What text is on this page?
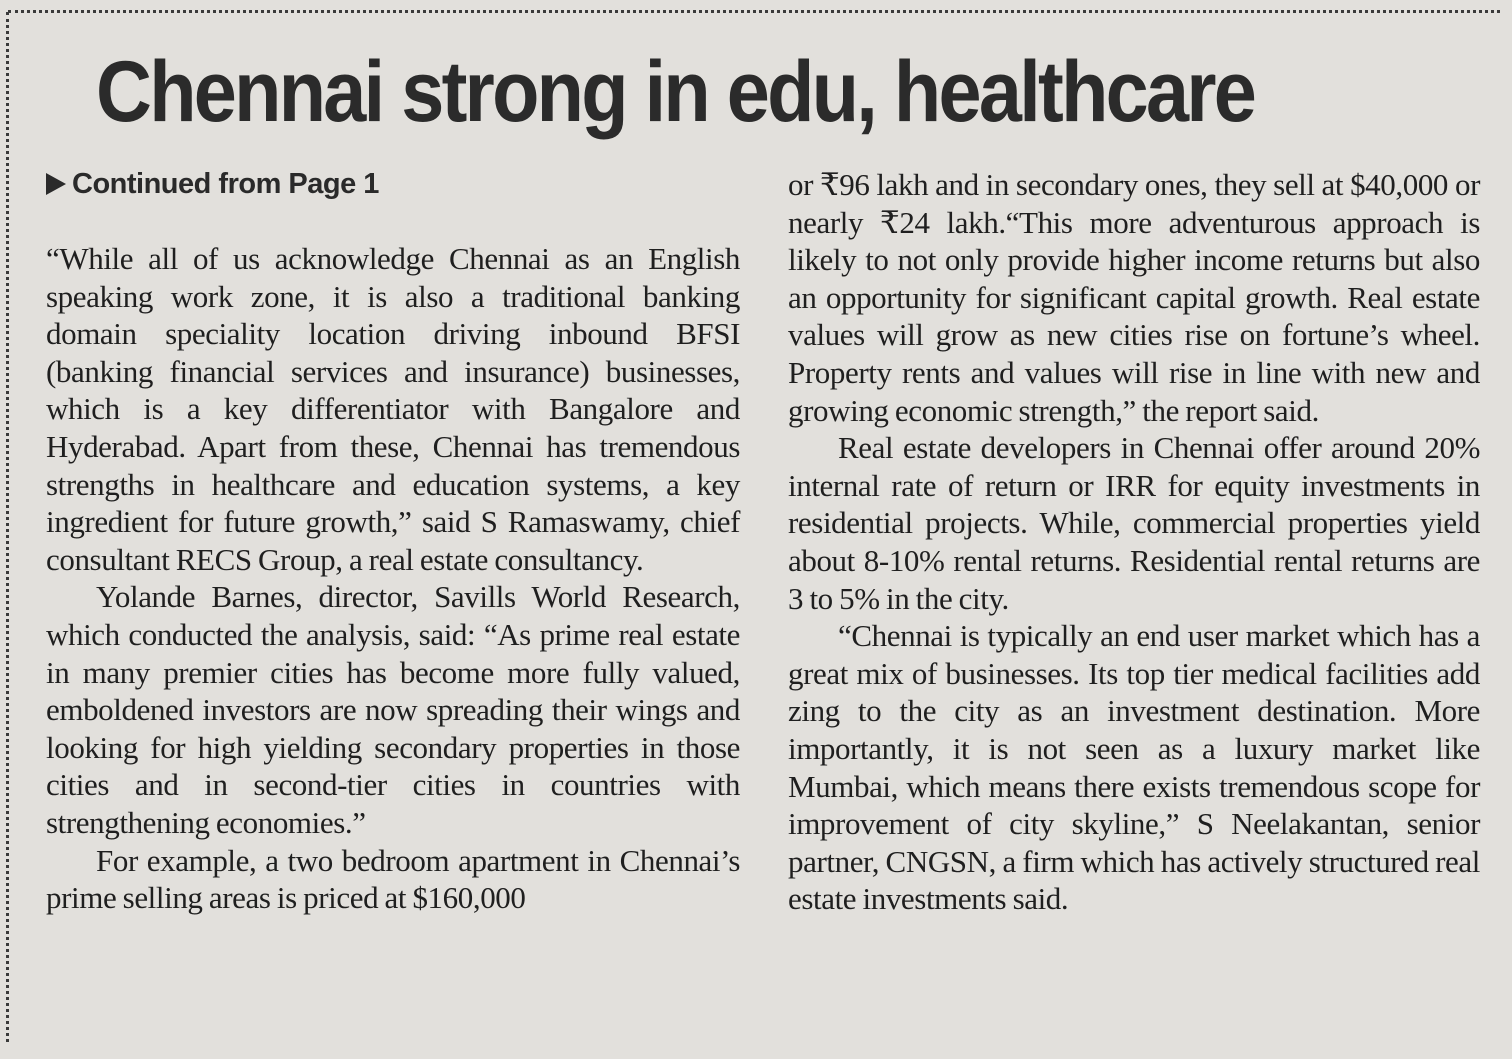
Chennai strong in edu, healthcare
Continued from Page 1

“While all of us acknowledge Chennai as an English speaking work zone, it is also a traditional banking domain speciality location driving inbound BFSI (banking financial services and insurance) businesses, which is a key differentiator with Bangalore and Hyderabad. Apart from these, Chennai has tremendous strengths in healthcare and education systems, a key ingredient for future growth,” said S Ramaswamy, chief consultant RECS Group, a real estate consultancy.

Yolande Barnes, director, Savills World Research, which conducted the analysis, said: “As prime real estate in many premier cities has become more fully valued, emboldened investors are now spreading their wings and looking for high yielding secondary properties in those cities and in second-tier cities in countries with strengthening economies.”

For example, a two bedroom apartment in Chennai’s prime selling areas is priced at $160,000

or ₹96 lakh and in secondary ones, they sell at $40,000 or nearly ₹24 lakh.“This more adventurous approach is likely to not only provide higher income returns but also an opportunity for significant capital growth. Real estate values will grow as new cities rise on fortune’s wheel. Property rents and values will rise in line with new and growing economic strength,” the report said.

Real estate developers in Chennai offer around 20% internal rate of return or IRR for equity investments in residential projects. While, commercial properties yield about 8-10% rental returns. Residential rental returns are 3 to 5% in the city.

“Chennai is typically an end user market which has a great mix of businesses. Its top tier medical facilities add zing to the city as an investment destination. More importantly, it is not seen as a luxury market like Mumbai, which means there exists tremendous scope for improvement of city skyline,” S Neelakantan, senior partner, CNGSN, a firm which has actively structured real estate investments said.
